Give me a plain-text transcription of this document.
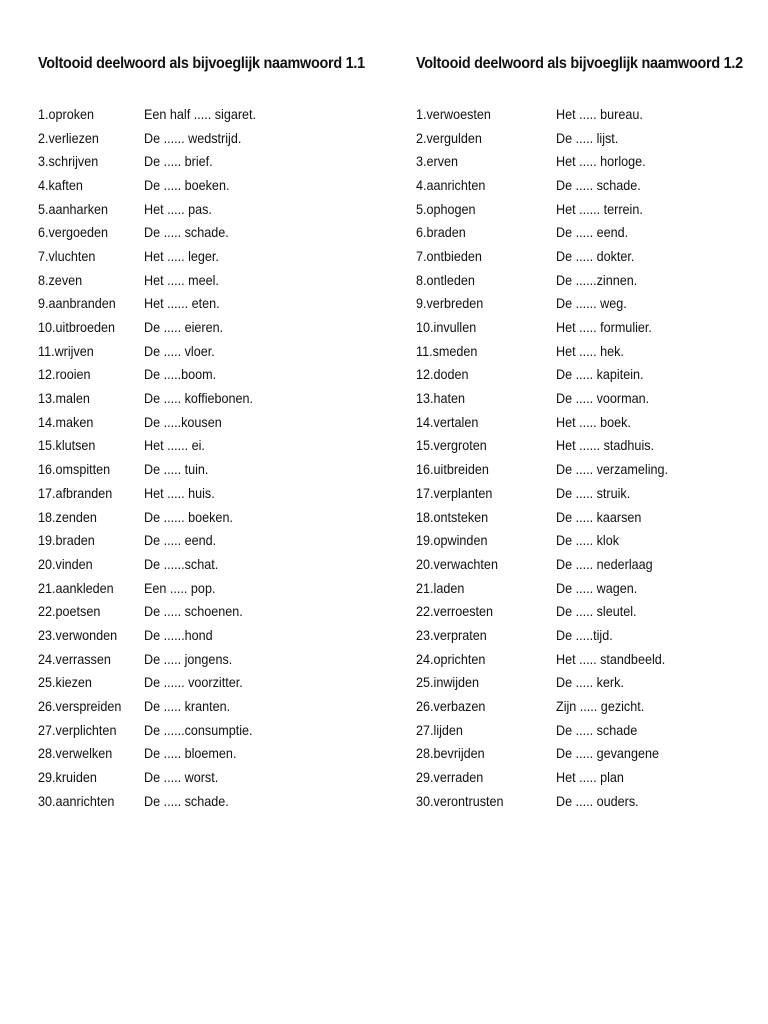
Voltooid deelwoord als bijvoeglijk naamwoord 1.1
1.oproken	Een half ..... sigaret.
2.verliezen	De ...... wedstrijd.
3.schrijven	De ..... brief.
4.kaften	De ..... boeken.
5.aanharken	Het ..... pas.
6.vergoeden	De ..... schade.
7.vluchten	Het ..... leger.
8.zeven	Het ..... meel.
9.aanbranden	Het ...... eten.
10.uitbroeden	De ..... eieren.
11.wrijven	De ..... vloer.
12.rooien	De .....boom.
13.malen	De ..... koffiebonen.
14.maken	De .....kousen
15.klutsen	Het ...... ei.
16.omspitten	De ..... tuin.
17.afbranden	Het ..... huis.
18.zenden	De ...... boeken.
19.braden	De ..... eend.
20.vinden	De ......schat.
21.aankleden	Een ..... pop.
22.poetsen	De ..... schoenen.
23.verwonden	De ......hond
24.verrassen	De ..... jongens.
25.kiezen	De ...... voorzitter.
26.verspreiden	De ..... kranten.
27.verplichten	De ......consumptie.
28.verwelken	De ..... bloemen.
29.kruiden	De ..... worst.
30.aanrichten	De ..... schade.
Voltooid deelwoord als bijvoeglijk naamwoord 1.2
1.verwoesten	Het ..... bureau.
2.vergulden	De ..... lijst.
3.erven	Het ..... horloge.
4.aanrichten	De ..... schade.
5.ophogen	Het ...... terrein.
6.braden	De ..... eend.
7.ontbieden	De ..... dokter.
8.ontleden	De ......zinnen.
9.verbreden	De ...... weg.
10.invullen	Het ..... formulier.
11.smeden	Het ..... hek.
12.doden	De ..... kapitein.
13.haten	De ..... voorman.
14.vertalen	Het ..... boek.
15.vergroten	Het ...... stadhuis.
16.uitbreiden	De ..... verzameling.
17.verplanten	De ..... struik.
18.ontsteken	De ..... kaarsen
19.opwinden	De ..... klok
20.verwachten	De ..... nederlaag
21.laden	De ..... wagen.
22.verroesten	De ..... sleutel.
23.verpraten	De .....tijd.
24.oprichten	Het ..... standbeeld.
25.inwijden	De ..... kerk.
26.verbazen	Zijn ..... gezicht.
27.lijden	De ..... schade
28.bevrijden	De ..... gevangene
29.verraden	Het ..... plan
30.verontrusten	De ..... ouders.
